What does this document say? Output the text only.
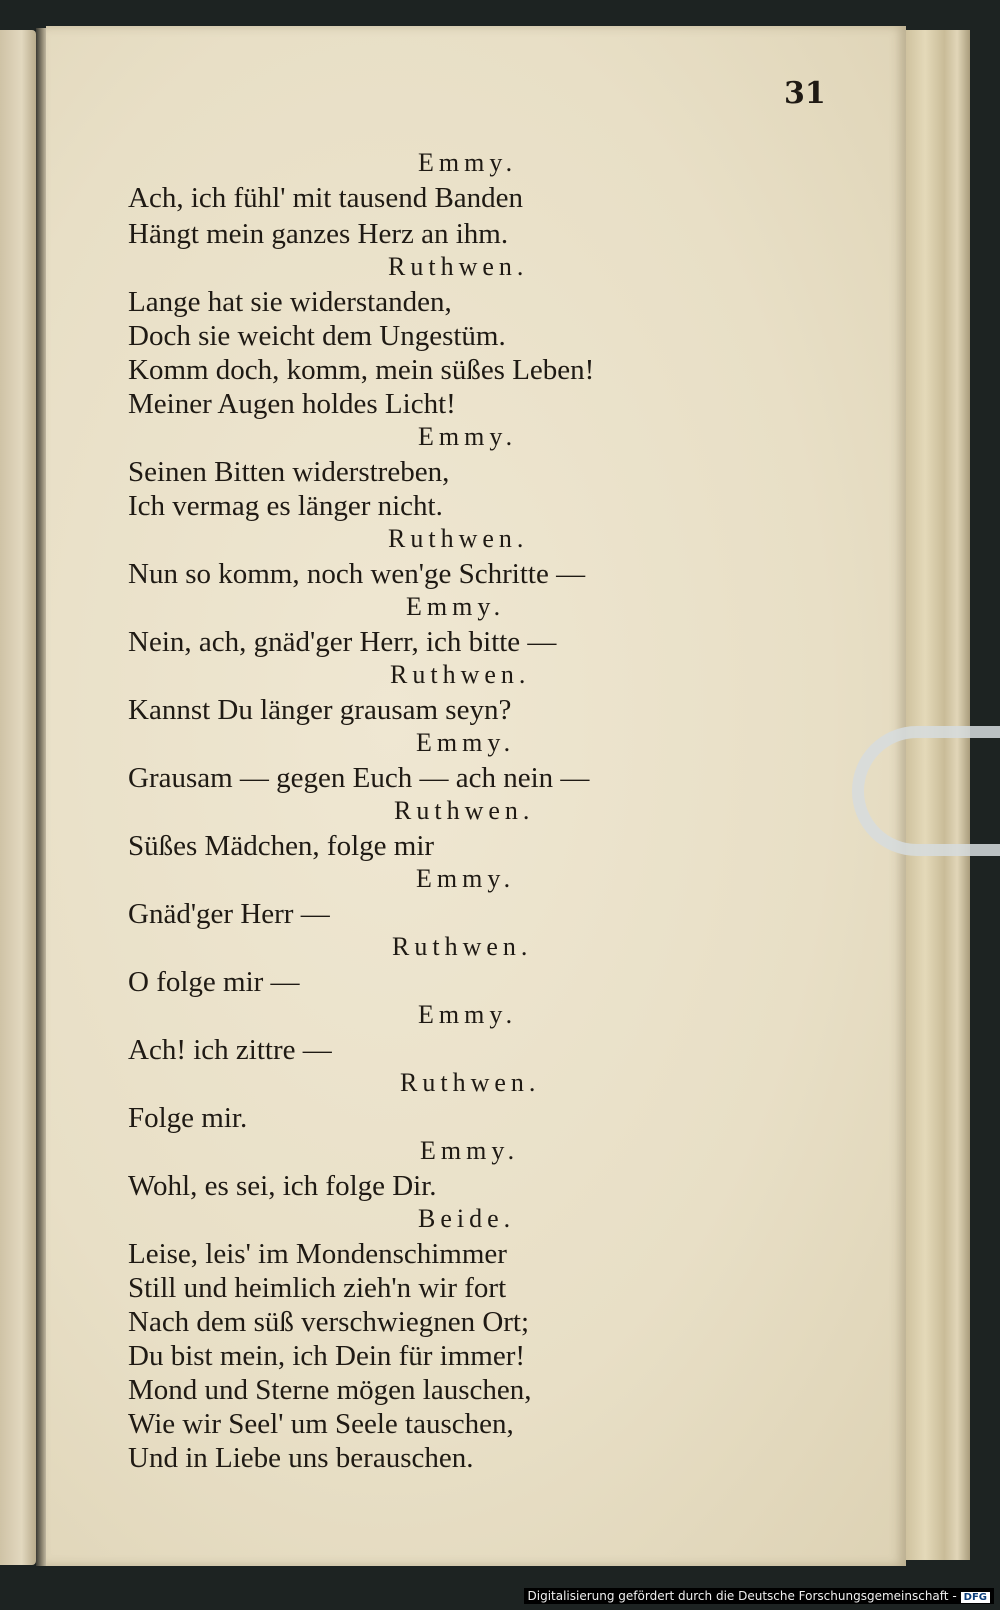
31
Emmy.
Ach, ich fühl' mit tausend Banden
Hängt mein ganzes Herz an ihm.
Ruthwen.
Lange hat sie widerstanden,
Doch sie weicht dem Ungestüm.
Komm doch, komm, mein süßes Leben!
Meiner Augen holdes Licht!
Emmy.
Seinen Bitten widerstreben,
Ich vermag es länger nicht.
Ruthwen.
Nun so komm, noch wen'ge Schritte —
Emmy.
Nein, ach, gnäd'ger Herr, ich bitte —
Ruthwen.
Kannst Du länger grausam seyn?
Emmy.
Grausam — gegen Euch — ach nein —
Ruthwen.
Süßes Mädchen, folge mir
Emmy.
Gnäd'ger Herr —
Ruthwen.
O folge mir —
Emmy.
Ach! ich zittre —
Ruthwen.
Folge mir.
Emmy.
Wohl, es sei, ich folge Dir.
Beide.
Leise, leis' im Mondenschimmer
Still und heimlich zieh'n wir fort
Nach dem süß verschwiegnen Ort;
Du bist mein, ich Dein für immer!
Mond und Sterne mögen lauschen,
Wie wir Seel' um Seele tauschen,
Und in Liebe uns berauschen.
Digitalisierung gefördert durch die Deutsche Forschungsgemeinschaft - DFG
